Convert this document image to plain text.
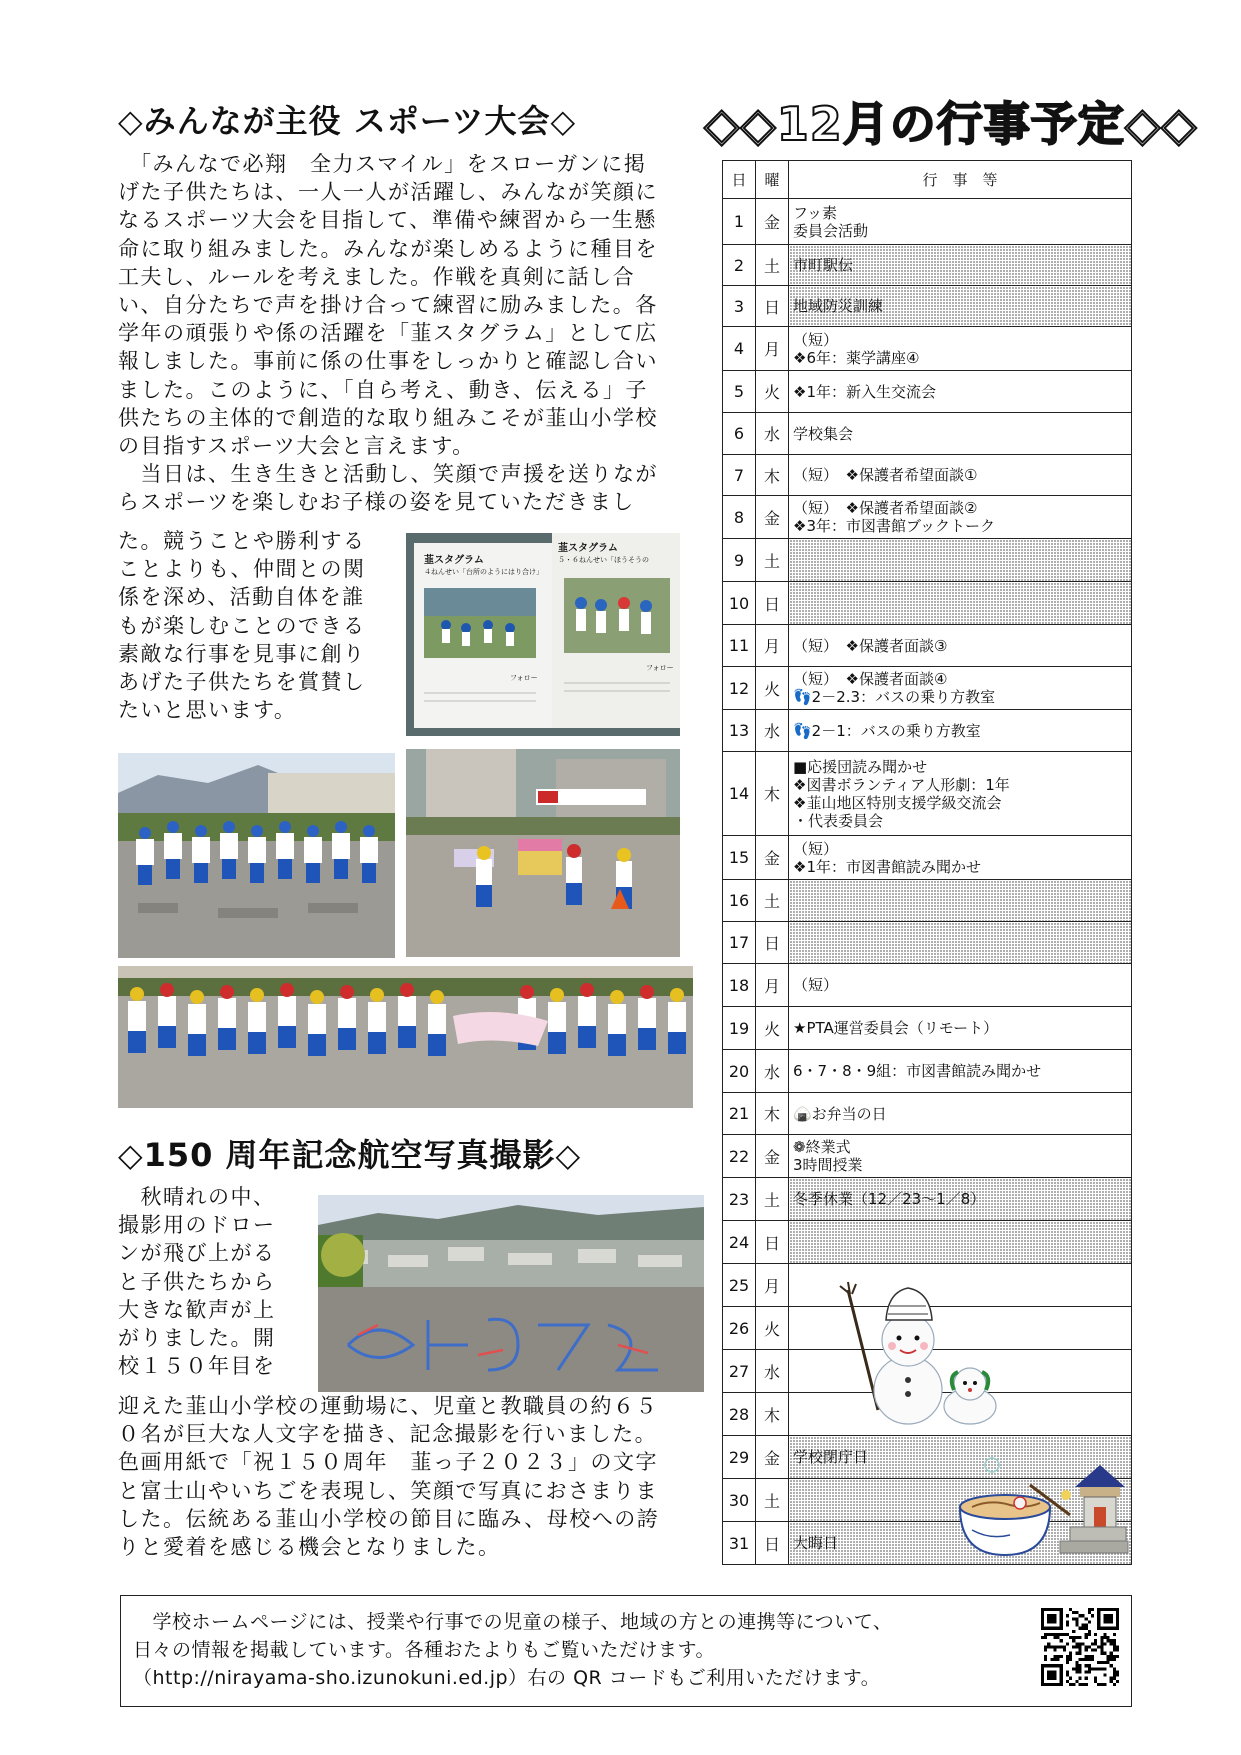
◇みんなが主役 スポーツ大会◇
　「みんなで必翔　全力スマイル」をスローガンに掲
げた子供たちは、一人一人が活躍し、みんなが笑顔に
なるスポーツ大会を目指して、準備や練習から一生懸
命に取り組みました。みんなが楽しめるように種目を
工夫し、ルールを考えました。作戦を真剣に話し合
い、自分たちで声を掛け合って練習に励みました。各
学年の頑張りや係の活躍を「韮スタグラム」として広
報しました。事前に係の仕事をしっかりと確認し合い
ました。このように、「自ら考え、動き、伝える」子
供たちの主体的で創造的な取り組みこそが韮山小学校
の目指すスポーツ大会と言えます。
　当日は、生き生きと活動し、笑顔で声援を送りなが
らスポーツを楽しむお子様の姿を見ていただきまし
た。競うことや勝利する
ことよりも、仲間との関
係を深め、活動自体を誰
もが楽しむことのできる
素敵な行事を見事に創り
あげた子供たちを賞賛し
たいと思います。
韮スタグラム
４ねんせい「台所のようにはり合け」
韮スタグラム
５・６ねんせい「ほうそうの
フォロー
フォロー
◇150 周年記念航空写真撮影◇
　秋晴れの中、
撮影用のドロー
ンが飛び上がる
と子供たちから
大きな歓声が上
がりました。開
校１５０年目を
迎えた韮山小学校の運動場に、児童と教職員の約６５
０名が巨大な人文字を描き、記念撮影を行いました。
色画用紙で「祝１５０周年　韮っ子２０２３」の文字
と富士山やいちごを表現し、笑顔で写真におさまりま
した。伝統ある韮山小学校の節目に臨み、母校への誇
りと愛着を感じる機会となりました。
◇◇12月の行事予定◇◇
日	曜	行　事　等
1	金	フッ素
委員会活動

2	土	市町駅伝

3	日	地域防災訓練

4	月	（短）
❖6年：薬学講座④

5	火	❖1年：新入生交流会

6	水	学校集会

7	木	（短）　❖保護者希望面談①

8	金	（短）　❖保護者希望面談②
❖3年：市図書館ブックトーク

9	土	

10	日	

11	月	（短）　❖保護者面談③

12	火	（短）　❖保護者面談④
👣2－2.3：バスの乗り方教室

13	水	👣2－1：バスの乗り方教室

14	木	■応援団読み聞かせ
❖図書ボランティア人形劇：1年
❖韮山地区特別支援学級交流会
・代表委員会

15	金	（短）
❖1年：市図書館読み聞かせ

16	土	

17	日	

18	月	（短）

19	火	★PTA運営委員会（リモート）

20	水	6・7・8・9組：市図書館読み聞かせ

21	木	🍙お弁当の日

22	金	❁終業式
3時間授業

23	土	冬季休業（12／23～1／8）

24	日	

25	月	

26	火	

27	水	

28	木	

29	金	学校閉庁日

30	土	

31	日	大晦日
　学校ホームページには、授業や行事での児童の様子、地域の方との連携等について、
日々の情報を掲載しています。各種おたよりもご覧いただけます。
（http://nirayama-sho.izunokuni.ed.jp）右の QR コードもご利用いただけます。
